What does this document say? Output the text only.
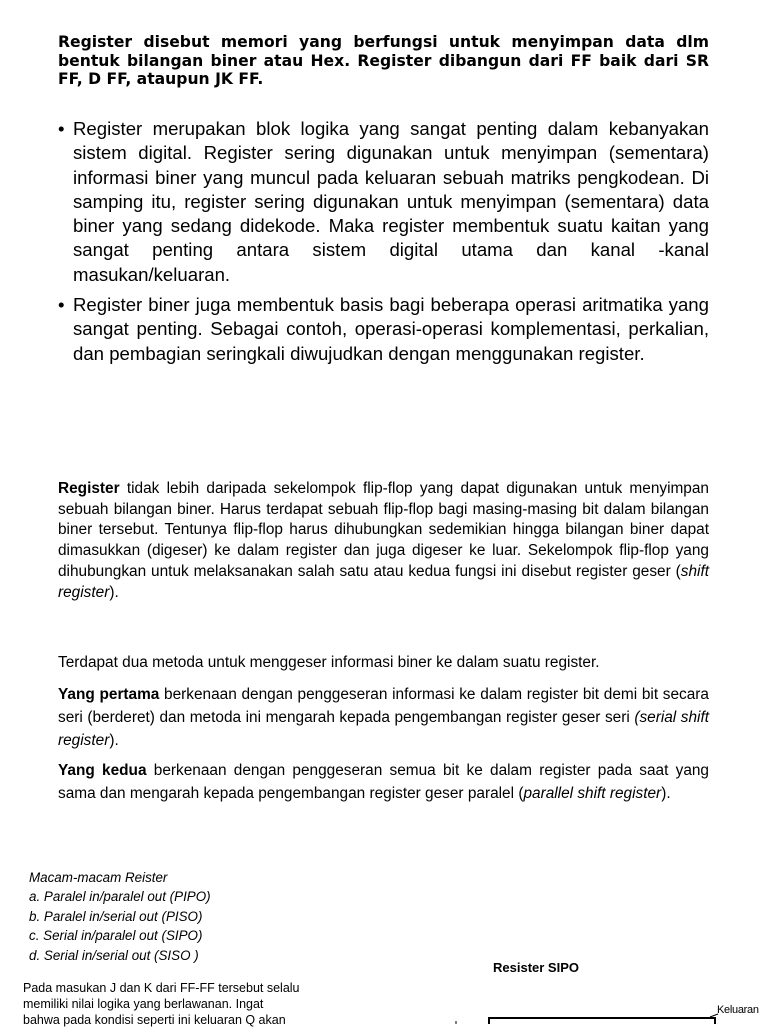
Register disebut memori yang berfungsi untuk menyimpan data dlm bentuk bilangan biner atau Hex. Register dibangun dari FF baik dari SR FF, D FF, ataupun JK FF.
• Register merupakan blok logika yang sangat penting dalam kebanyakan sistem digital. Register sering digunakan untuk menyimpan (sementara) informasi biner yang muncul pada keluaran sebuah matriks pengkodean. Di samping itu, register sering digunakan untuk menyimpan (sementara) data biner yang sedang didekode. Maka register membentuk suatu kaitan yang sangat penting antara sistem digital utama dan kanal -kanal masukan/keluaran.
• Register biner juga membentuk basis bagi beberapa operasi aritmatika yang sangat penting. Sebagai contoh, operasi-operasi komplementasi, perkalian, dan pembagian seringkali diwujudkan dengan menggunakan register.
Register tidak lebih daripada sekelompok flip-flop yang dapat digunakan untuk menyimpan sebuah bilangan biner. Harus terdapat sebuah flip-flop bagi masing-masing bit dalam bilangan biner tersebut. Tentunya flip-flop harus dihubungkan sedemikian hingga bilangan biner dapat dimasukkan (digeser) ke dalam register dan juga digeser ke luar. Sekelompok flip-flop yang dihubungkan untuk melaksanakan salah satu atau kedua fungsi ini disebut register geser (shift register).
Terdapat dua metoda untuk menggeser informasi biner ke dalam suatu register.
Yang pertama berkenaan dengan penggeseran informasi ke dalam register bit demi bit secara seri (berderet) dan metoda ini mengarah kepada pengembangan register geser seri (serial shift register).
Yang kedua berkenaan dengan penggeseran semua bit ke dalam register pada saat yang sama dan mengarah kepada pengembangan register geser paralel (parallel shift register).
Macam-macam Reister
a. Paralel in/paralel out (PIPO)
b. Paralel in/serial out (PISO)
c. Serial in/paralel out (SIPO)
d. Serial in/serial out (SISO )
Pada masukan J dan K dari FF-FF tersebut selalu
memiliki nilai logika yang berlawanan. Ingat
bahwa pada kondisi seperti ini keluaran Q akan
Resister SIPO
Keluaran
